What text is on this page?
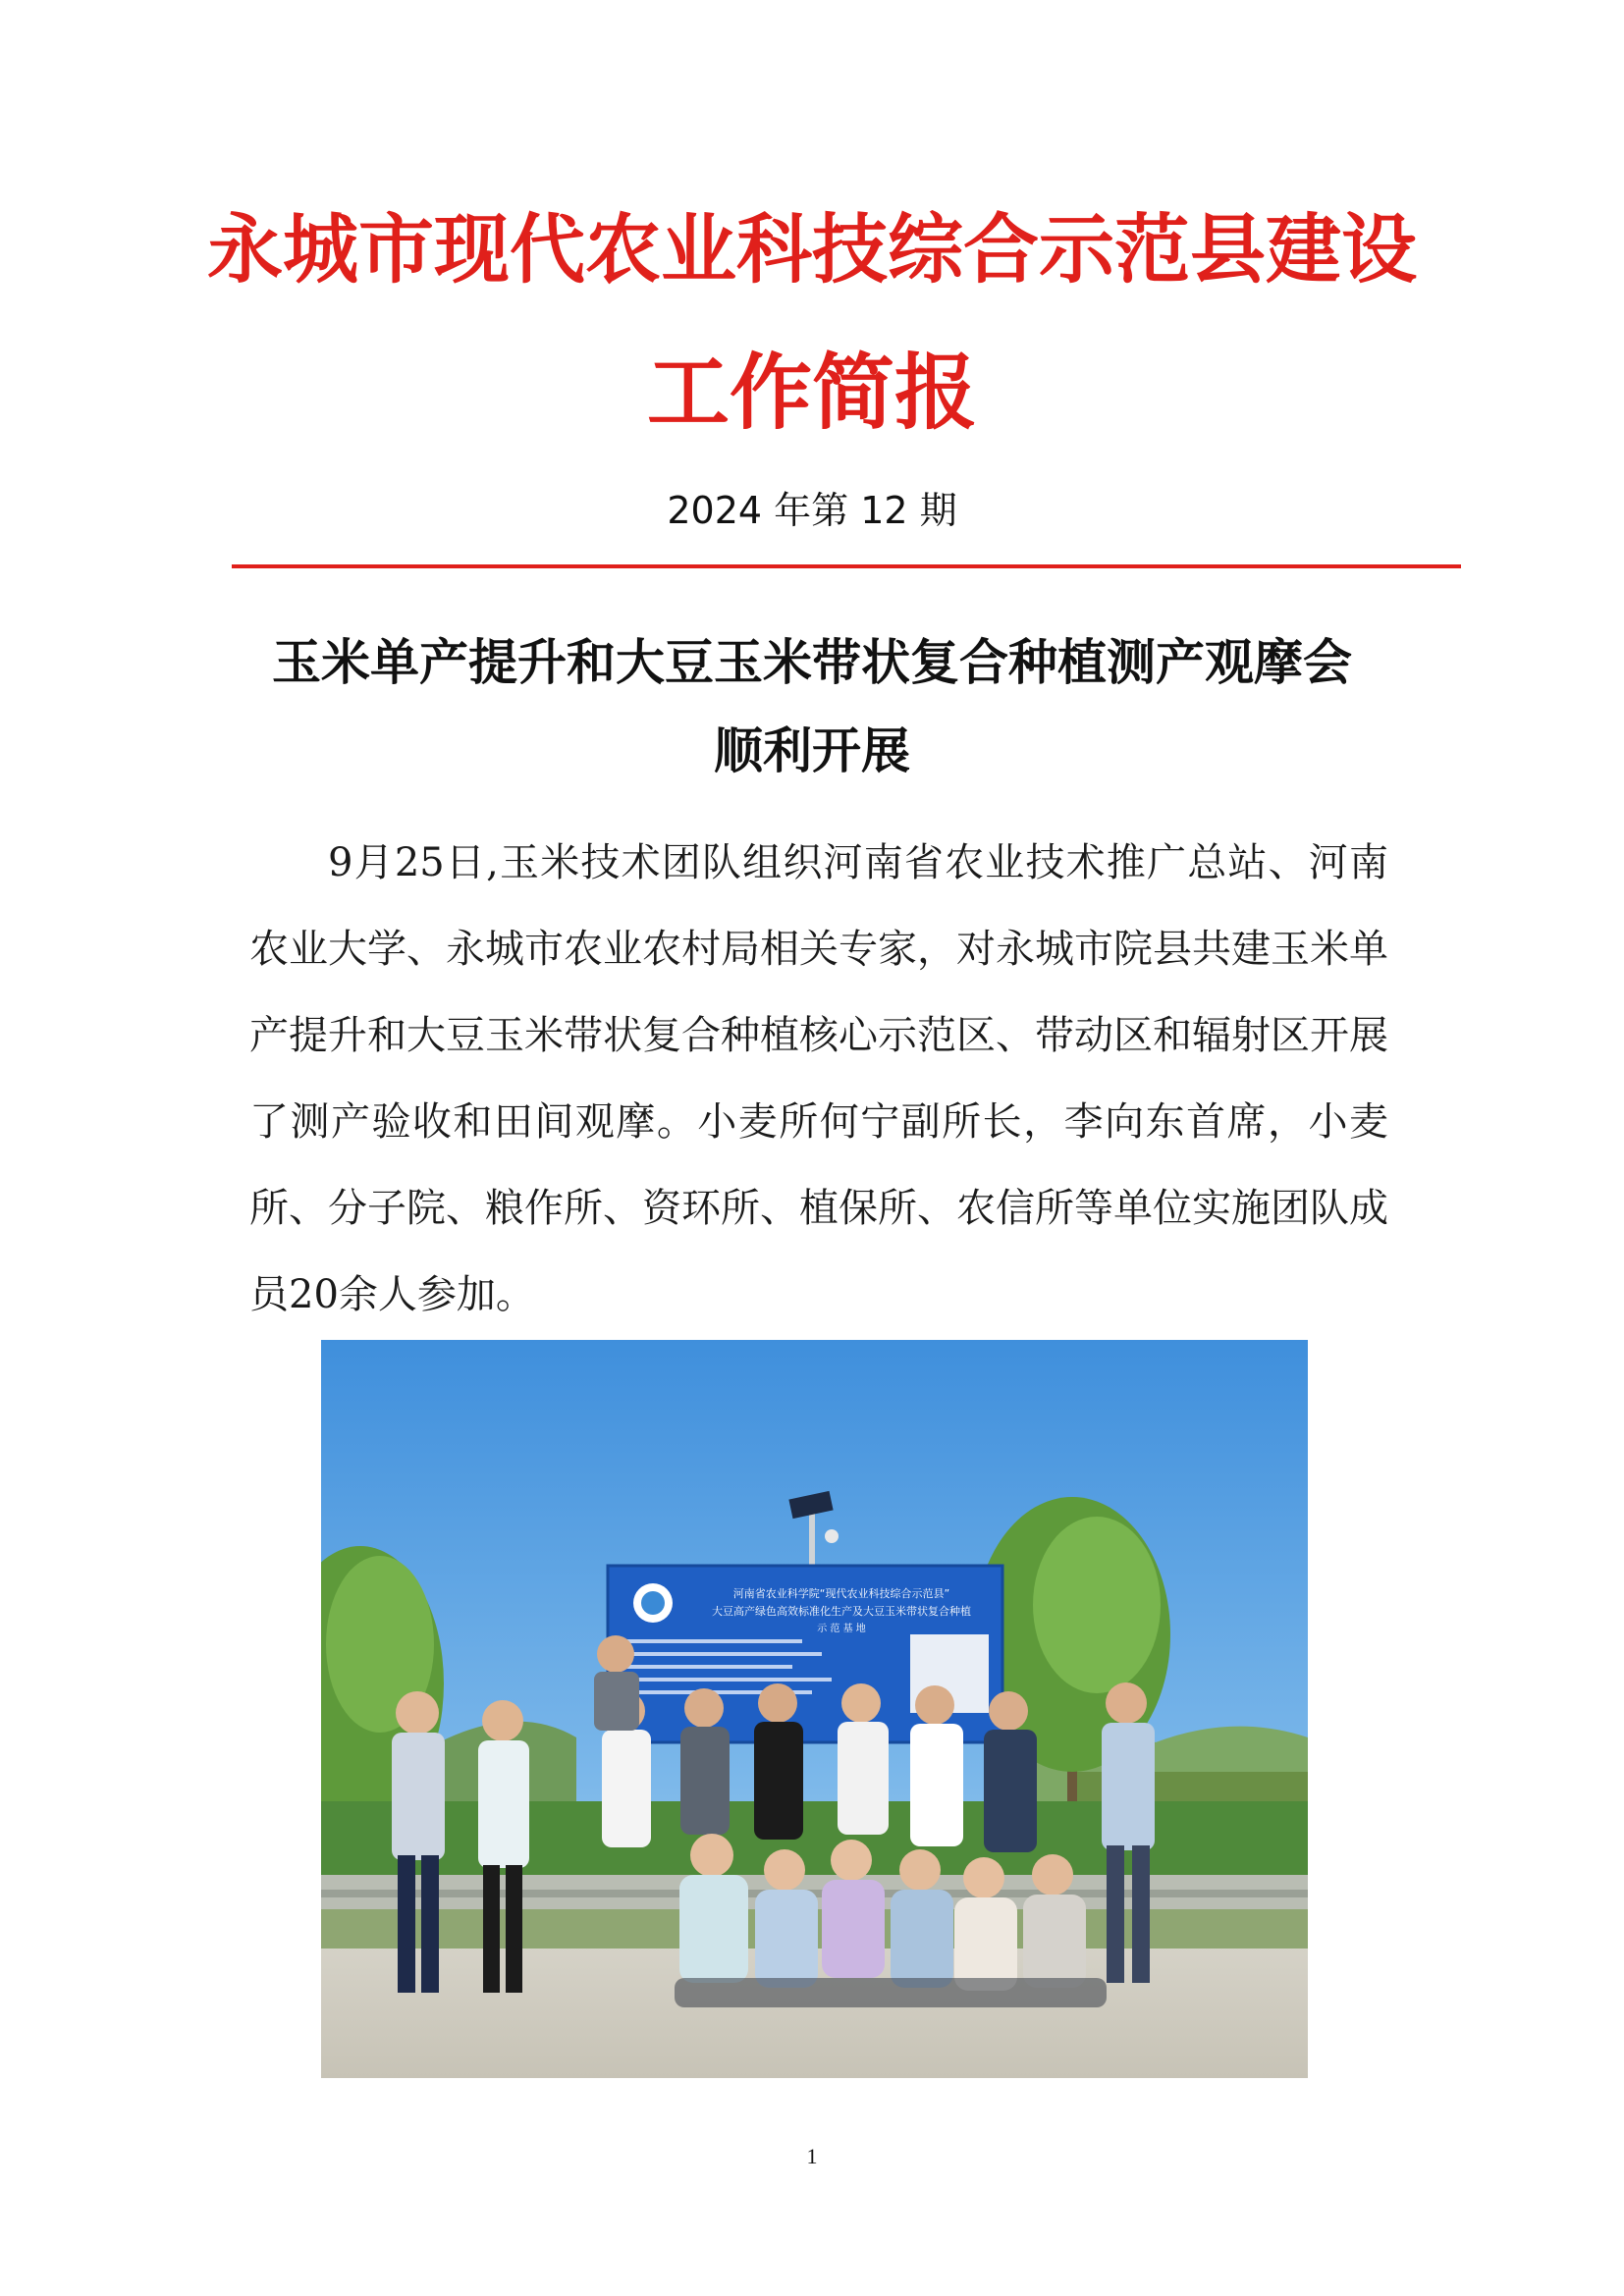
永城市现代农业科技综合示范县建设
工作简报
2024 年第 12 期
玉米单产提升和大豆玉米带状复合种植测产观摩会
顺利开展

9月25日,玉米技术团队组织河南省农业技术推广总站、河南农业大学、永城市农业农村局相关专家，对永城市院县共建玉米单产提升和大豆玉米带状复合种植核心示范区、带动区和辐射区开展了测产验收和田间观摩。小麦所何宁副所长，李向东首席，小麦所、分子院、粮作所、资环所、植保所、农信所等单位实施团队成员20余人参加。

河南省农业科学院“现代农业科技综合示范县”
大豆高产绿色高效标准化生产及大豆玉米带状复合种植
示 范 基 地
1
